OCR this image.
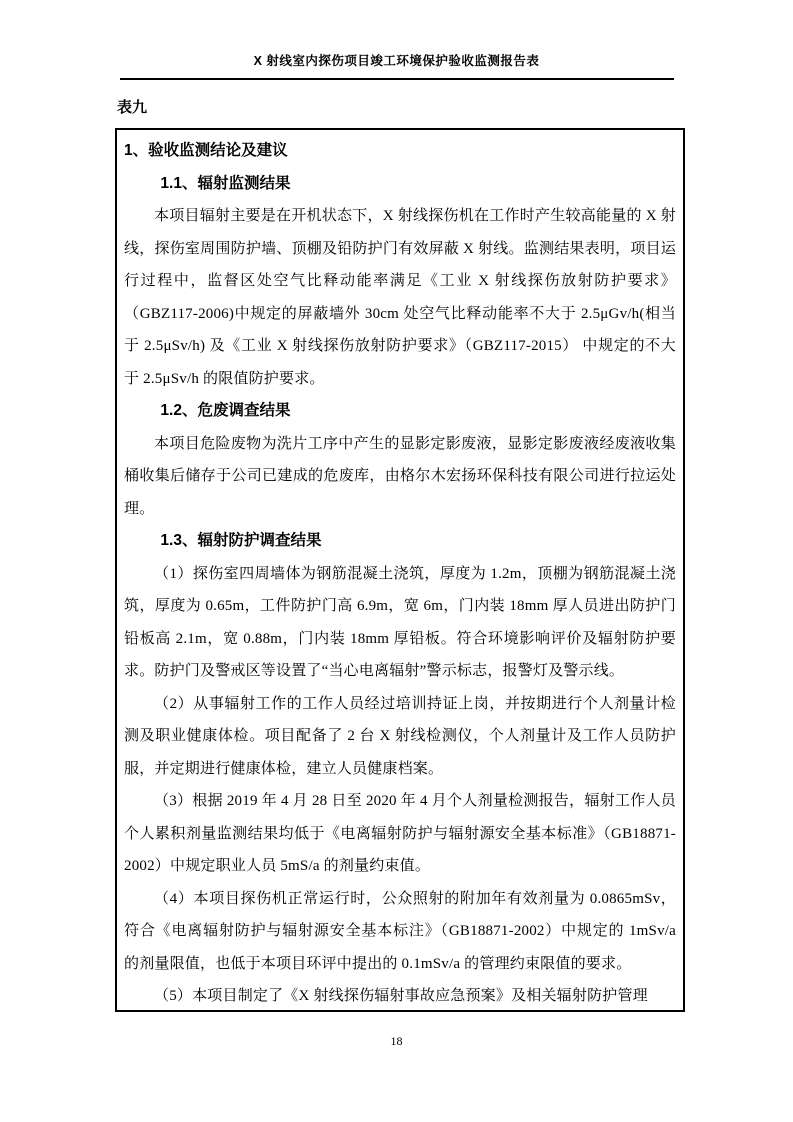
X 射线室内探伤项目竣工环境保护验收监测报告表
表九
1、验收监测结论及建议
1.1、辐射监测结果

本项目辐射主要是在开机状态下，X 射线探伤机在工作时产生较高能量的 X 射线，探伤室周围防护墙、顶棚及铅防护门有效屏蔽 X 射线。监测结果表明，项目运行过程中，监督区处空气比释动能率满足《工业 X 射线探伤放射防护要求》（GBZ117-2006)中规定的屏蔽墙外 30cm 处空气比释动能率不大于 2.5μGv/h(相当于 2.5μSv/h) 及《工业 X 射线探伤放射防护要求》（GBZ117-2015） 中规定的不大于 2.5μSv/h 的限值防护要求。

1.2、危废调查结果

本项目危险废物为洗片工序中产生的显影定影废液，显影定影废液经废液收集桶收集后储存于公司已建成的危废库，由格尔木宏扬环保科技有限公司进行拉运处理。

1.3、辐射防护调查结果

（1）探伤室四周墙体为钢筋混凝土浇筑，厚度为 1.2m，顶棚为钢筋混凝土浇筑，厚度为 0.65m，工件防护门高 6.9m，宽 6m，门内装 18mm 厚人员进出防护门铅板高 2.1m，宽 0.88m，门内装 18mm 厚铅板。符合环境影响评价及辐射防护要求。防护门及警戒区等设置了“当心电离辐射”警示标志，报警灯及警示线。

（2）从事辐射工作的工作人员经过培训持证上岗，并按期进行个人剂量计检测及职业健康体检。项目配备了 2 台 X 射线检测仪，个人剂量计及工作人员防护服，并定期进行健康体检，建立人员健康档案。

（3）根据 2019 年 4 月 28 日至 2020 年 4 月个人剂量检测报告，辐射工作人员个人累积剂量监测结果均低于《电离辐射防护与辐射源安全基本标准》（GB18871-2002）中规定职业人员 5mS/a 的剂量约束值。

（4）本项目探伤机正常运行时，公众照射的附加年有效剂量为 0.0865mSv，符合《电离辐射防护与辐射源安全基本标注》（GB18871-2002）中规定的 1mSv/a 的剂量限值，也低于本项目环评中提出的 0.1mSv/a 的管理约束限值的要求。

（5）本项目制定了《X 射线探伤辐射事故应急预案》及相关辐射防护管理

18
